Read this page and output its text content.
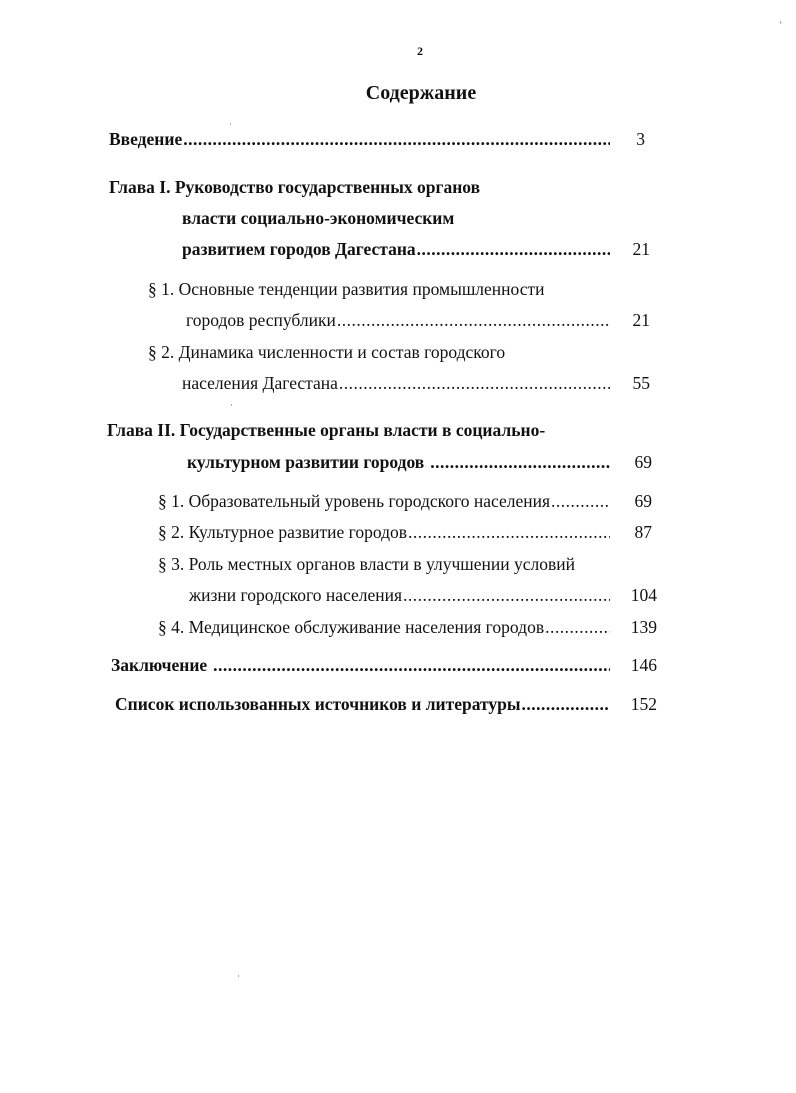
2
Содержание
Введение .....	3
Глава I. Руководство государственных органов
власти социально-экономическим
развитием городов Дагестана .....	21
§ 1. Основные тенденции развития промышленности
городов республики .....	21
§ 2. Динамика численности и состав городского
населения Дагестана .....	55
Глава II. Государственные органы власти в социально-
культурном развитии городов .....	69
§ 1. Образовательный уровень городского населения .....	69
§ 2. Культурное развитие городов .....	87
§ 3. Роль местных органов власти в улучшении условий
жизни городского населения .....	104
§ 4. Медицинское обслуживание населения городов .....	139
Заключение .....	146
Список использованных источников и литературы .....	152
˙
˙
˙
'
